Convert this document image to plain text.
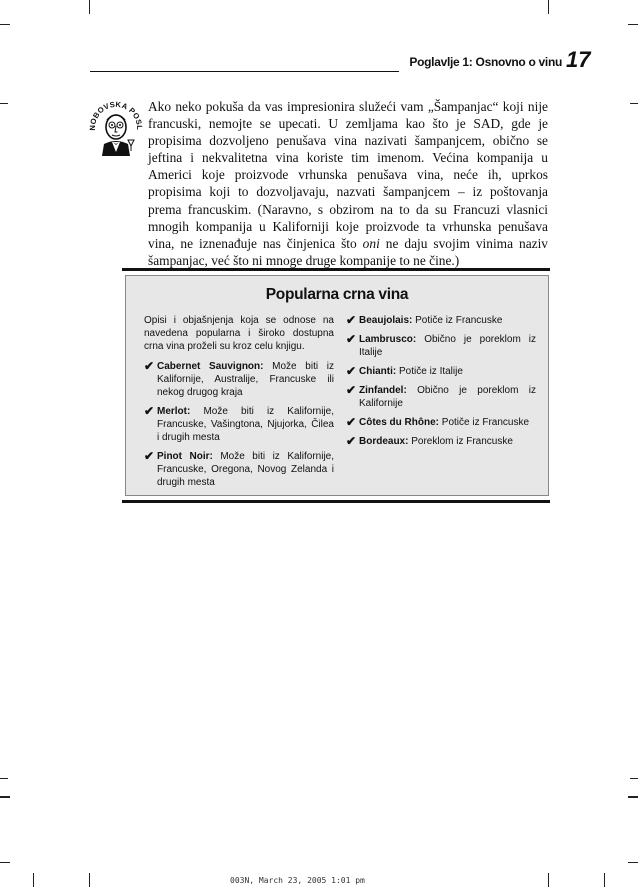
Poglavlje 1: Osnovno o vinu 17
NOBOVSKA POSL

Ako neko pokuša da vas impresionira služeći vam „Šampanjac“ koji nije francuski, nemojte se upecati. U zemljama kao što je SAD, gde je propisima dozvoljeno penušava vina nazivati šampanjcem, obično se jeftina i nekvalitetna vina koriste tim imenom. Većina kompanija u Americi koje proizvode vrhunska penušava vina, neće ih, uprkos propisima koji to dozvoljavaju, nazvati šampanjcem – iz poštovanja prema francuskim. (Naravno, s obzirom na to da su Francuzi vlasnici mnogih kompanija u Kaliforniji koje proizvode ta vrhunska penušava vina, ne iznenađuje nas činjenica što oni ne daju svojim vinima naziv šampanjac, već što ni mnoge druge kompanije to ne čine.)

Popularna crna vina

Opisi i objašnjenja koja se odnose na navedena popularna i široko dostupna crna vina proželi su kroz celu knjigu.

✔ Cabernet Sauvignon: Može biti iz Kalifornije, Australije, Francuske ili nekog drugog kraja
✔ Merlot: Može biti iz Kalifornije, Francuske, Vašingtona, Njujorka, Čilea i drugih mesta
✔ Pinot Noir: Može biti iz Kalifornije, Francuske, Oregona, Novog Zelanda i drugih mesta
✔ Beaujolais: Potiče iz Francuske
✔ Lambrusco: Obično je poreklom iz Italije
✔ Chianti: Potiče iz Italije
✔ Zinfandel: Obično je poreklom iz Kalifornije
✔ Côtes du Rhône: Potiče iz Francuske
✔ Bordeaux: Poreklom iz Francuske
003N, March 23, 2005 1:01 pm
